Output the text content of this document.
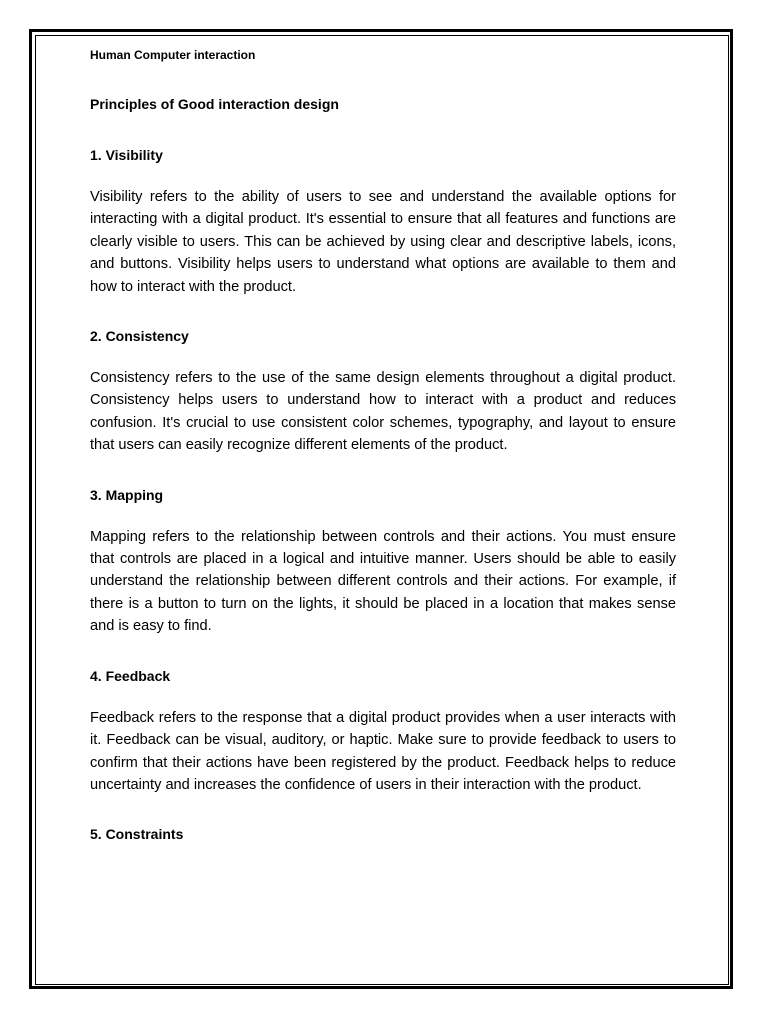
Human Computer interaction

Principles of Good interaction design
1. Visibility

Visibility refers to the ability of users to see and understand the available options for interacting with a digital product. It's essential to ensure that all features and functions are clearly visible to users. This can be achieved by using clear and descriptive labels, icons, and buttons. Visibility helps users to understand what options are available to them and how to interact with the product.

2. Consistency

Consistency refers to the use of the same design elements throughout a digital product. Consistency helps users to understand how to interact with a product and reduces confusion. It's crucial to use consistent color schemes, typography, and layout to ensure that users can easily recognize different elements of the product.

3. Mapping

Mapping refers to the relationship between controls and their actions. You must ensure that controls are placed in a logical and intuitive manner. Users should be able to easily understand the relationship between different controls and their actions. For example, if there is a button to turn on the lights, it should be placed in a location that makes sense and is easy to find.

4. Feedback

Feedback refers to the response that a digital product provides when a user interacts with it. Feedback can be visual, auditory, or haptic. Make sure to provide feedback to users to confirm that their actions have been registered by the product. Feedback helps to reduce uncertainty and increases the confidence of users in their interaction with the product.

5. Constraints
